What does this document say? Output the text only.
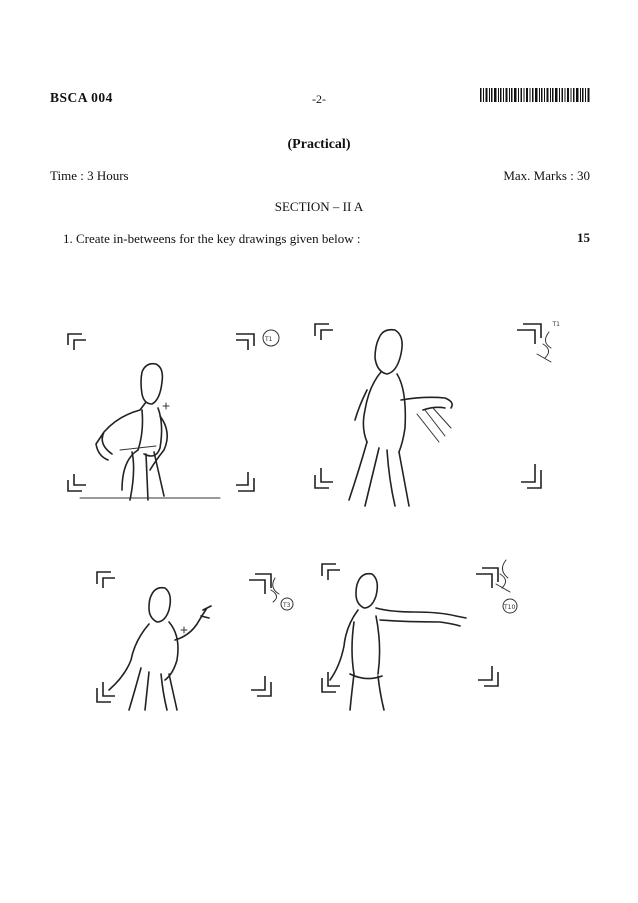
BSCA 004	-2-
(Practical)
Time : 3 Hours	Max. Marks : 30
SECTION – II A
1. Create in-betweens for the key drawings given below :	15
T1
T1
T3	T10
